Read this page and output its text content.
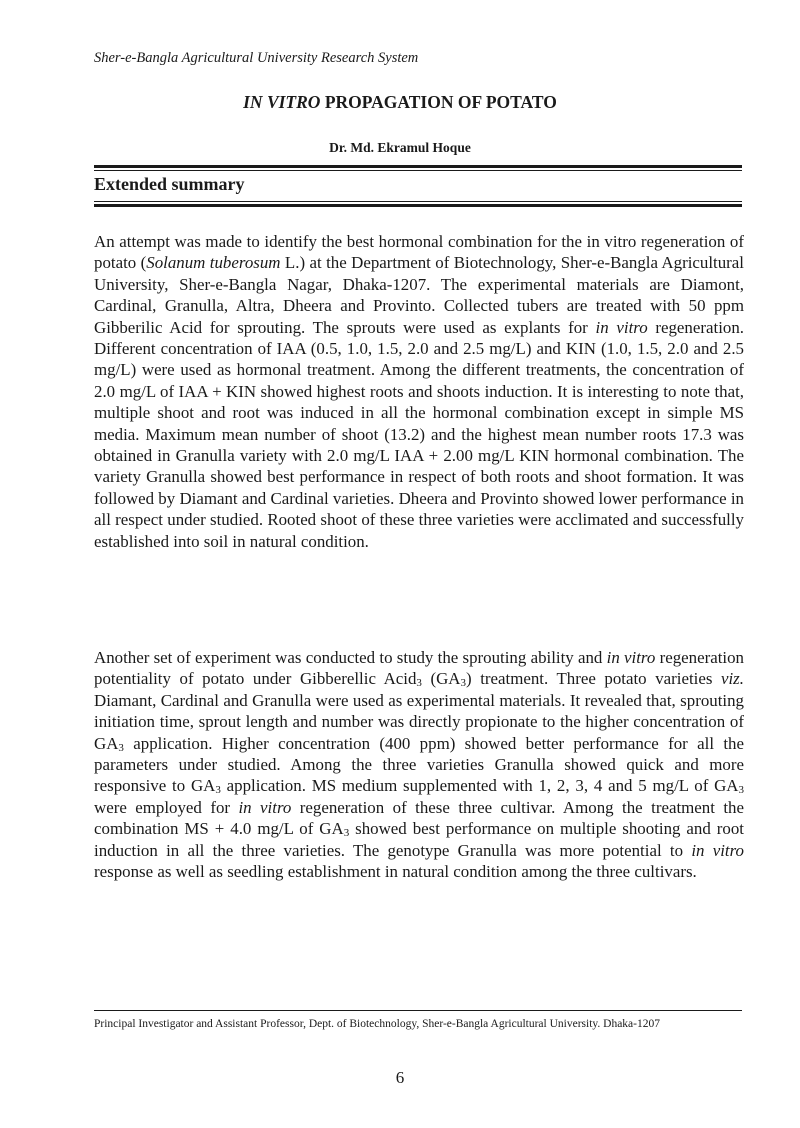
Sher-e-Bangla Agricultural University Research System
IN VITRO PROPAGATION OF POTATO
Dr. Md. Ekramul Hoque
Extended summary

An attempt was made to identify the best hormonal combination for the in vitro regeneration of potato (Solanum tuberosum L.) at the Department of Biotechnology, Sher-e-Bangla Agricultural University, Sher-e-Bangla Nagar, Dhaka-1207. The experimental materials are Diamont, Cardinal, Granulla, Altra, Dheera and Provinto. Collected tubers are treated with 50 ppm Gibberilic Acid for sprouting. The sprouts were used as explants for in vitro regeneration. Different concentration of IAA (0.5, 1.0, 1.5, 2.0 and 2.5 mg/L) and KIN (1.0, 1.5, 2.0 and 2.5 mg/L) were used as hormonal treatment. Among the different treatments, the concentration of 2.0 mg/L of IAA + KIN showed highest roots and shoots induction. It is interesting to note that, multiple shoot and root was induced in all the hormonal combination except in simple MS media. Maximum mean number of shoot (13.2) and the highest mean number roots 17.3 was obtained in Granulla variety with 2.0 mg/L IAA + 2.00 mg/L KIN hormonal combination. The variety Granulla showed best performance in respect of both roots and shoot formation. It was followed by Diamant and Cardinal varieties. Dheera and Provinto showed lower performance in all respect under studied. Rooted shoot of these three varieties were acclimated and successfully established into soil in natural condition.

Another set of experiment was conducted to study the sprouting ability and in vitro regeneration potentiality of potato under Gibberellic Acid$_3$ $(GA_3)$ treatment. Three potato varieties viz. Diamant, Cardinal and Granulla were used as experimental materials. It revealed that, sprouting initiation time, sprout length and number was directly propionate to the higher concentration of $GA_3$ application. Higher concentration (400 ppm) showed better performance for all the parameters under studied. Among the three varieties Granulla showed quick and more responsive to $GA_3$ application. MS medium supplemented with 1, 2, 3, 4 and 5 mg/L of $GA_3$ were employed for in vitro regeneration of these three cultivar. Among the treatment the combination MS + 4.0 mg/L of $GA_3$ showed best performance on multiple shooting and root induction in all the three varieties. The genotype Granulla was more potential to in vitro response as well as seedling establishment in natural condition among the three cultivars.

Principal Investigator and Assistant Professor, Dept. of Biotechnology, Sher-e-Bangla Agricultural University. Dhaka-1207
6
